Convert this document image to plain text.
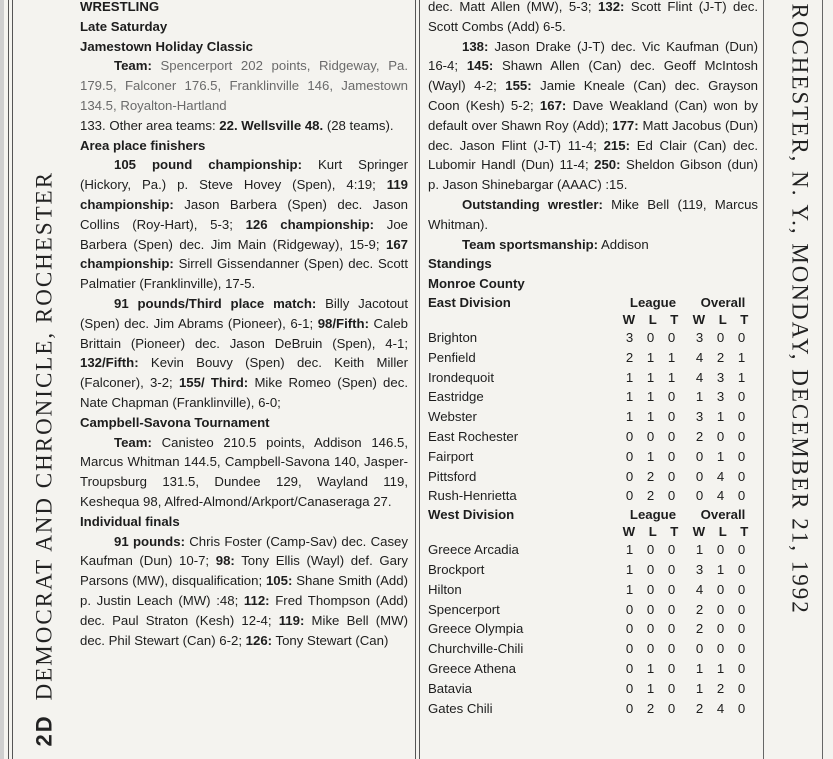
2D
DEMOCRAT AND CHRONICLE, ROCHESTER	ROCHESTER, N. Y., MONDAY, DECEMBER 21, 1992

WRESTLING

Late Saturday

Jamestown Holiday Classic

Team: Spencerport 202 points, Ridgeway, Pa. 179.5, Falconer 176.5, Franklinville 146, Jamestown 134.5, Royalton-Hartland

133. Other area teams: 22. Wellsville 48. (28 teams).

Area place finishers

105 pound championship: Kurt Springer (Hickory, Pa.) p. Steve Hovey (Spen), 4:19; 119 championship: Jason Barbera (Spen) dec. Jason Collins (Roy-Hart), 5-3; 126 championship: Joe Barbera (Spen) dec. Jim Main (Ridgeway), 15-9; 167 championship: Sirrell Gissendanner (Spen) dec. Scott Palmatier (Franklinville), 17-5.

91 pounds/Third place match: Billy Jacotout (Spen) dec. Jim Abrams (Pioneer), 6-1; 98/Fifth: Caleb Brittain (Pioneer) dec. Jason DeBruin (Spen), 4-1; 132/Fifth: Kevin Bouvy (Spen) dec. Keith Miller (Falconer), 3-2; 155/ Third: Mike Romeo (Spen) dec. Nate Chapman (Franklinville), 6-0;

Campbell-Savona Tournament

Team: Canisteo 210.5 points, Addison 146.5, Marcus Whitman 144.5, Campbell-Savona 140, Jasper-Troupsburg 131.5, Dundee 129, Wayland 119, Keshequa 98, Alfred-Almond/Arkport/Canaseraga 27.

Individual finals

91 pounds: Chris Foster (Camp-Sav) dec. Casey Kaufman (Dun) 10-7; 98: Tony Ellis (Wayl) def. Gary Parsons (MW), disqualification; 105: Shane Smith (Add) p. Justin Leach (MW) :48; 112: Fred Thompson (Add) dec. Paul Straton (Kesh) 12-4; 119: Mike Bell (MW) dec. Phil Stewart (Can) 6-2; 126: Tony Stewart (Can)

dec. Matt Allen (MW), 5-3; 132: Scott Flint (J-T) dec. Scott Combs (Add) 6-5.

138: Jason Drake (J-T) dec. Vic Kaufman (Dun) 16-4; 145: Shawn Allen (Can) dec. Geoff McIntosh (Wayl) 4-2; 155: Jamie Kneale (Can) dec. Grayson Coon (Kesh) 5-2; 167: Dave Weakland (Can) won by default over Shawn Roy (Add); 177: Matt Jacobus (Dun) dec. Jason Flint (J-T) 11-4; 215: Ed Clair (Can) dec. Lubomir Handl (Dun) 11-4; 250: Sheldon Gibson (dun) p. Jason Shinebargar (AAAC) :15.

Outstanding wrestler: Mike Bell (119, Marcus Whitman).

Team sportsmanship: Addison

Standings

Monroe County

East Division	League	Overall
	W L T	W L T
Brighton	3 0 0	3 0 0
Penfield	2 1 1	4 2 1
Irondequoit	1 1 1	4 3 1
Eastridge	1 1 0	1 3 0
Webster	1 1 0	3 1 0
East Rochester	0 0 0	2 0 0
Fairport	0 1 0	0 1 0
Pittsford	0 2 0	0 4 0
Rush-Henrietta	0 2 0	0 4 0
West Division	League	Overall
	W L T	W L T
Greece Arcadia	1 0 0	1 0 0
Brockport	1 0 0	3 1 0
Hilton	1 0 0	4 0 0
Spencerport	0 0 0	2 0 0
Greece Olympia	0 0 0	2 0 0
Churchville-Chili	0 0 0	0 0 0
Greece Athena	0 1 0	1 1 0
Batavia	0 1 0	1 2 0
Gates Chili	0 2 0	2 4 0
